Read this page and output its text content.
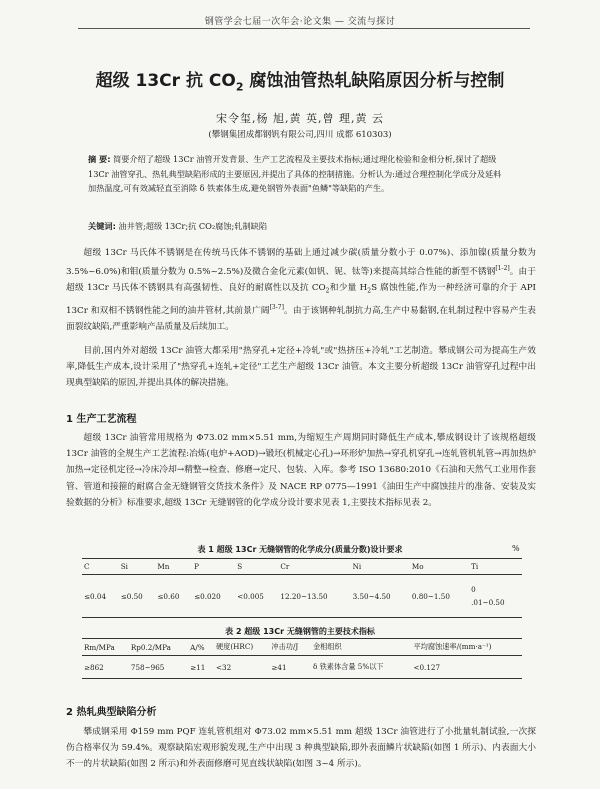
钢管学会七届一次年会·论文集 — 交流与探讨
超级 13Cr 抗 $CO_2$ 腐蚀油管热轧缺陷原因分析与控制
宋令玺,杨 旭,黄 英,曾 理,黄 云
(攀钢集团成都钢钒有限公司,四川 成都 610303)
摘 要: 简要介绍了超级 13Cr 油管开发背景、生产工艺流程及主要技术指标;通过理化检验和金相分析,探讨了超级 13Cr 油管穿孔、热轧典型缺陷形成的主要原因,并提出了具体的控制措施。分析认为:通过合理控制化学成分及延料加热温度,可有效减轻直至消除 δ 铁素体生成,避免钢管外表面"鱼鳞"等缺陷的产生。
关键词: 油井管;超级 13Cr;抗 CO₂腐蚀;轧制缺陷
超级 13Cr 马氏体不锈钢是在传统马氏体不锈钢的基础上通过减少碳(质量分数小于 0.07%)、添加镍(质量分数为 3.5%~6.0%)和钼(质量分数为 0.5%~2.5%)及微合金化元素(如钒、铌、钛等)来提高其综合性能的新型不锈钢[1-2]。由于超级 13Cr 马氏体不锈钢具有高强韧性、良好的耐腐性以及抗 $CO_2$和少量 $H_2S$ 腐蚀性能,作为一种经济可靠的介于 API 13Cr 和双相不锈钢性能之间的油井管材,其前景广阔[3-7]。由于该钢种轧制抗力高,生产中易黏钢,在轧制过程中容易产生表面裂纹缺陷,严重影响产品质量及后续加工。
目前,国内外对超级 13Cr 油管大都采用"热穿孔+定径+冷轧"或"热挤压+冷轧"工艺制造。攀成钢公司为提高生产效率,降低生产成本,设计采用了"热穿孔+连轧+定径"工艺生产超级 13Cr 油管。本文主要分析超级 13Cr 油管穿孔过程中出现典型缺陷的原因,并提出具体的解决措施。
1 生产工艺流程
超级 13Cr 油管常用规格为 Φ73.02 mm×5.51 mm,为缩短生产周期同时降低生产成本,攀成钢设计了该规格超级 13Cr 油管的全规生产工艺流程:冶炼(电炉+AOD)→锻坯(机械定心孔)→环形炉加热→穿孔机穿孔→连轧管机轧管→再加热炉加热→定径机定径→冷床冷却→精整→检查、修磨→定尺、包装、入库。参考 ISO 13680:2010《石油和天然气工业用作套管、管道和接箍的耐腐合金无缝钢管交货技术条件》及 NACE RP 0775—1991《油田生产中腐蚀挂片的准备、安装及实验数据的分析》标准要求,超级 13Cr 无缝钢管的化学成分设计要求见表 1,主要技术指标见表 2。
表 1 超级 13Cr 无缝钢管的化学成分(质量分数)设计要求	%
C	Si	Mn	P	S	Cr	Ni	Mo	Ti
≤0.04	≤0.50	≤0.60	≤0.020	<0.005	12.20~13.50	3.50~4.50	0.80~1.50	0
.01~0.50
表 2 超级 13Cr 无缝钢管的主要技术指标
Rm/MPa	Rp0.2/MPa	A/%	硬度(HRC)	冲击功/J	金相组织	平均腐蚀速率/(mm·a⁻¹)
≥862	758~965	≥11	<32	≥41	δ 铁素体含量 5%以下	<0.127
2 热轧典型缺陷分析
攀成钢采用 Φ159 mm PQF 连轧管机组对 Φ73.02 mm×5.51 mm 超级 13Cr 油管进行了小批量轧制试验,一次探伤合格率仅为 59.4%。观察缺陷宏观形貌发现,生产中出现 3 种典型缺陷,即外表面鳞片状缺陷(如图 1 所示)、内表面大小不一的片状缺陷(如图 2 所示)和外表面修磨可见直线状缺陷(如图 3~4 所示)。
